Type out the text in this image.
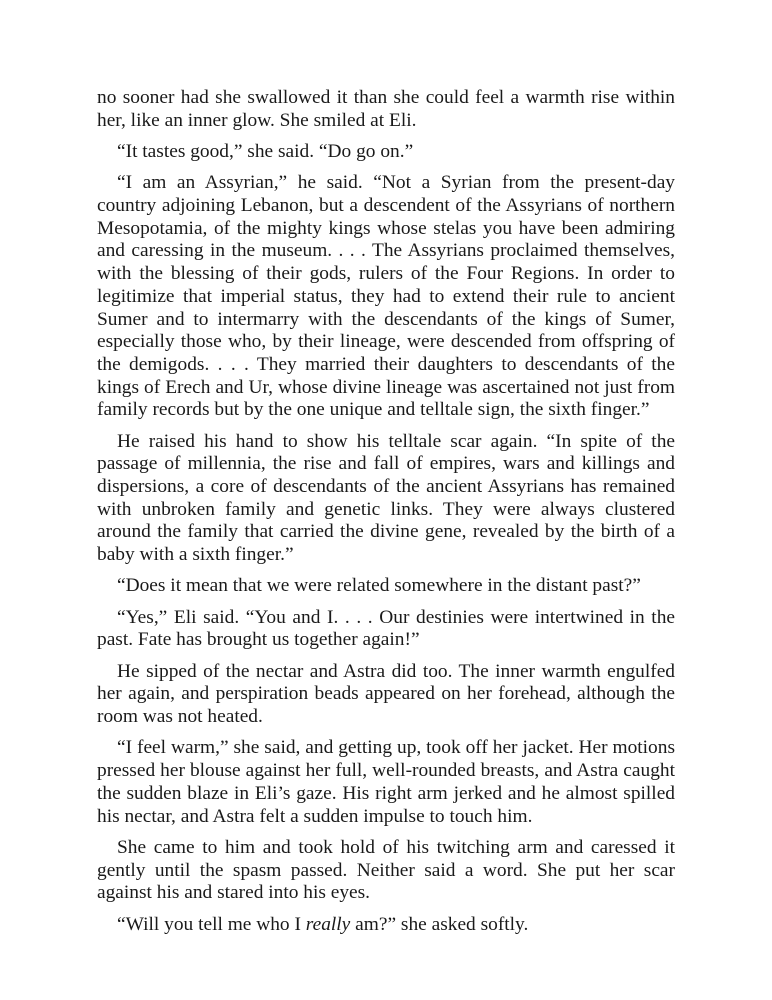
no sooner had she swallowed it than she could feel a warmth rise within her, like an inner glow. She smiled at Eli.

“It tastes good,” she said. “Do go on.”

“I am an Assyrian,” he said. “Not a Syrian from the present-day country adjoining Lebanon, but a descendent of the Assyrians of northern Mesopotamia, of the mighty kings whose stelas you have been admiring and caressing in the museum. . . . The Assyrians proclaimed themselves, with the blessing of their gods, rulers of the Four Regions. In order to legitimize that imperial status, they had to extend their rule to ancient Sumer and to intermarry with the descendants of the kings of Sumer, especially those who, by their lineage, were descended from offspring of the demigods. . . . They married their daughters to descendants of the kings of Erech and Ur, whose divine lineage was ascertained not just from family records but by the one unique and telltale sign, the sixth finger.”

He raised his hand to show his telltale scar again. “In spite of the passage of millennia, the rise and fall of empires, wars and killings and dispersions, a core of descendants of the ancient Assyrians has remained with unbroken family and genetic links. They were always clustered around the family that carried the divine gene, revealed by the birth of a baby with a sixth finger.”

“Does it mean that we were related somewhere in the distant past?”

“Yes,” Eli said. “You and I. . . . Our destinies were intertwined in the past. Fate has brought us together again!”

He sipped of the nectar and Astra did too. The inner warmth engulfed her again, and perspiration beads appeared on her forehead, although the room was not heated.

“I feel warm,” she said, and getting up, took off her jacket. Her motions pressed her blouse against her full, well-rounded breasts, and Astra caught the sudden blaze in Eli’s gaze. His right arm jerked and he almost spilled his nectar, and Astra felt a sudden impulse to touch him.

She came to him and took hold of his twitching arm and caressed it gently until the spasm passed. Neither said a word. She put her scar against his and stared into his eyes.

“Will you tell me who I really am?” she asked softly.
